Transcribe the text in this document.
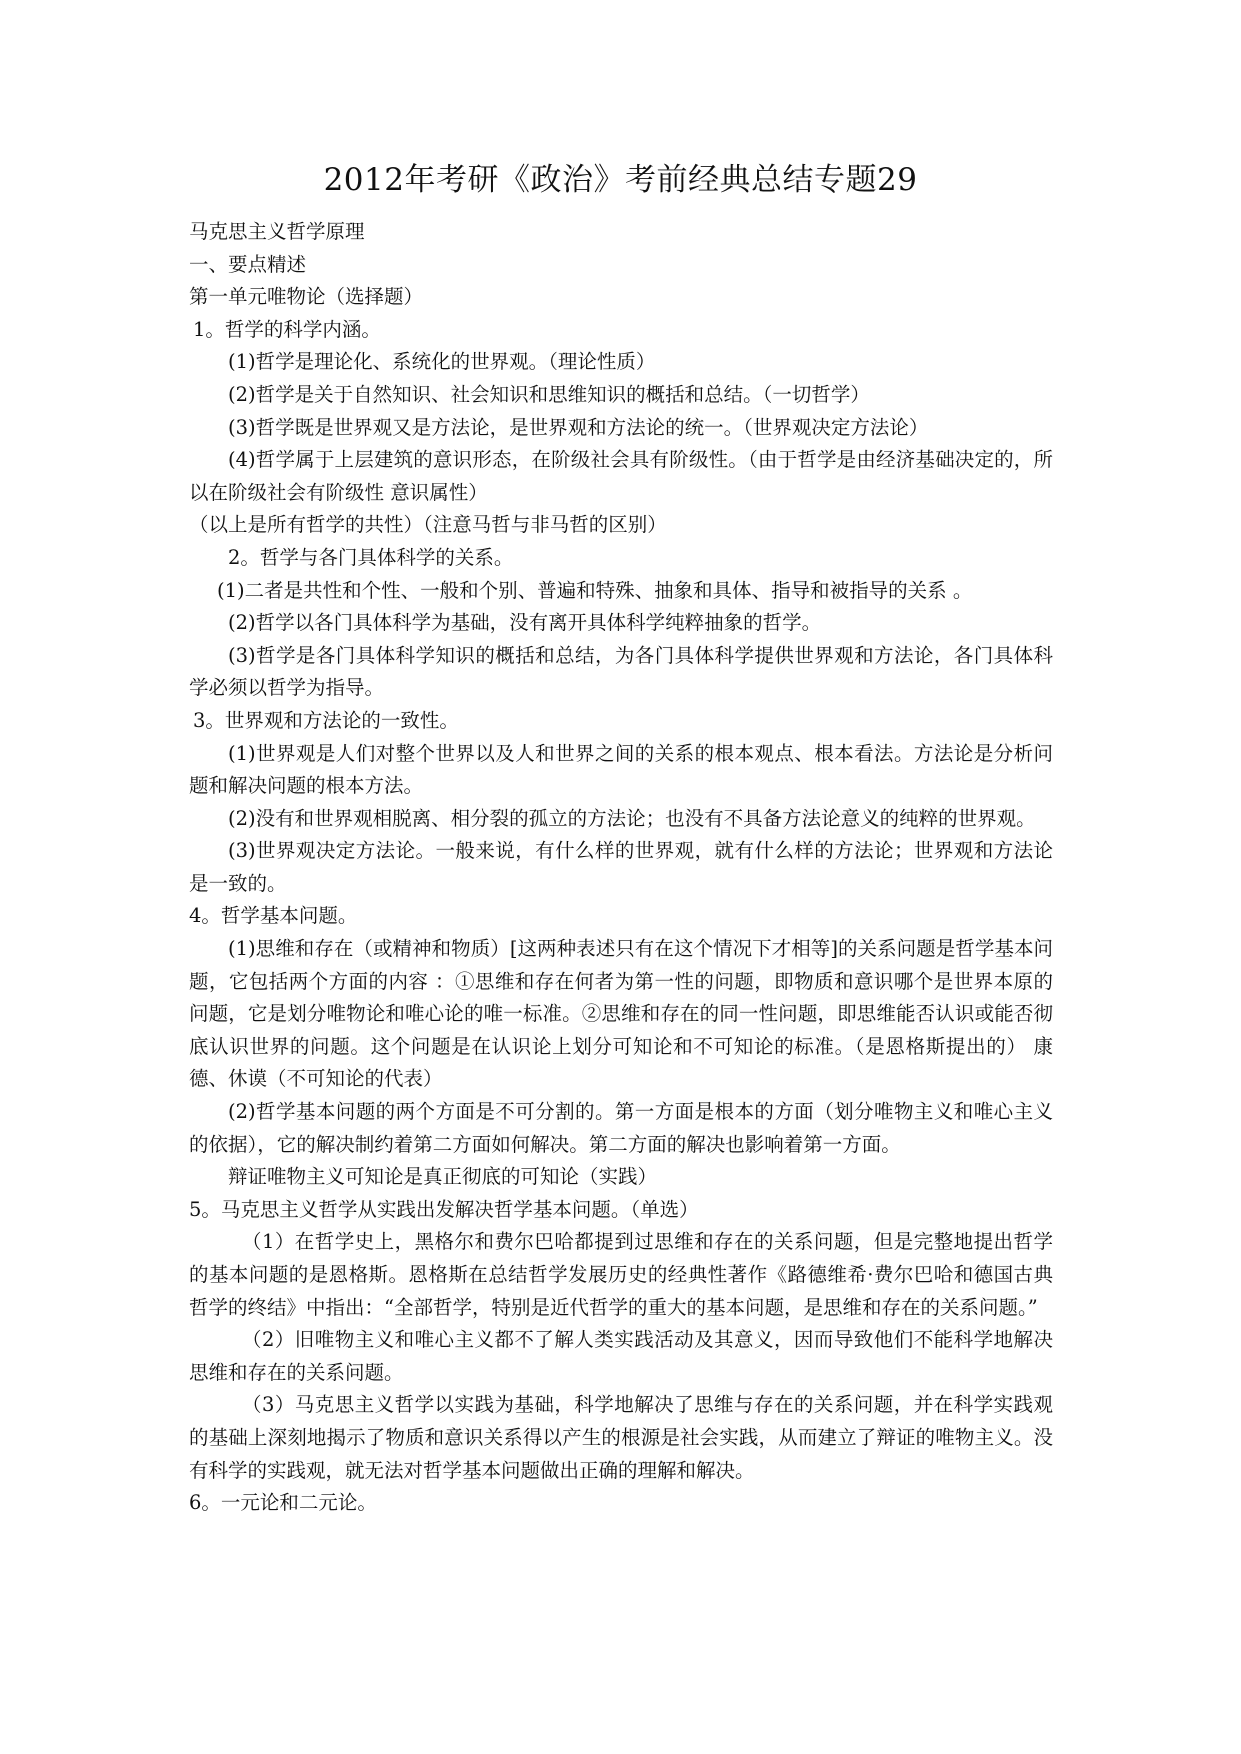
2012年考研《政治》考前经典总结专题29

马克思主义哲学原理

一、要点精述

第一单元唯物论（选择题）

1。哲学的科学内涵。

(1)哲学是理论化、系统化的世界观。（理论性质）

(2)哲学是关于自然知识、社会知识和思维知识的概括和总结。（一切哲学）

(3)哲学既是世界观又是方法论，是世界观和方法论的统一。（世界观决定方法论）

(4)哲学属于上层建筑的意识形态，在阶级社会具有阶级性。（由于哲学是由经济基础决定的，所以在阶级社会有阶级性 意识属性）

（以上是所有哲学的共性）（注意马哲与非马哲的区别）

2。哲学与各门具体科学的关系。

(1)二者是共性和个性、一般和个别、普遍和特殊、抽象和具体、指导和被指导的关系 。

(2)哲学以各门具体科学为基础，没有离开具体科学纯粹抽象的哲学。

(3)哲学是各门具体科学知识的概括和总结，为各门具体科学提供世界观和方法论，各门具体科学必须以哲学为指导。

3。世界观和方法论的一致性。

(1)世界观是人们对整个世界以及人和世界之间的关系的根本观点、根本看法。方法论是分析问题和解决问题的根本方法。

(2)没有和世界观相脱离、相分裂的孤立的方法论；也没有不具备方法论意义的纯粹的世界观。

(3)世界观决定方法论。一般来说，有什么样的世界观，就有什么样的方法论；世界观和方法论是一致的。

4。哲学基本问题。

(1)思维和存在（或精神和物质）[这两种表述只有在这个情况下才相等]的关系问题是哲学基本问题，它包括两个方面的内容 ：①思维和存在何者为第一性的问题，即物质和意识哪个是世界本原的问题，它是划分唯物论和唯心论的唯一标准。②思维和存在的同一性问题，即思维能否认识或能否彻底认识世界的问题。这个问题是在认识论上划分可知论和不可知论的标准。（是恩格斯提出的） 康德、休谟（不可知论的代表）

(2)哲学基本问题的两个方面是不可分割的。第一方面是根本的方面（划分唯物主义和唯心主义的依据），它的解决制约着第二方面如何解决。第二方面的解决也影响着第一方面。

辩证唯物主义可知论是真正彻底的可知论（实践）

5。马克思主义哲学从实践出发解决哲学基本问题。（单选）

（1）在哲学史上，黑格尔和费尔巴哈都提到过思维和存在的关系问题，但是完整地提出哲学的基本问题的是恩格斯。恩格斯在总结哲学发展历史的经典性著作《路德维希·费尔巴哈和德国古典哲学的终结》中指出：“全部哲学，特别是近代哲学的重大的基本问题，是思维和存在的关系问题。”

（2）旧唯物主义和唯心主义都不了解人类实践活动及其意义，因而导致他们不能科学地解决思维和存在的关系问题。

（3）马克思主义哲学以实践为基础，科学地解决了思维与存在的关系问题，并在科学实践观的基础上深刻地揭示了物质和意识关系得以产生的根源是社会实践，从而建立了辩证的唯物主义。没有科学的实践观，就无法对哲学基本问题做出正确的理解和解决。

6。一元论和二元论。
